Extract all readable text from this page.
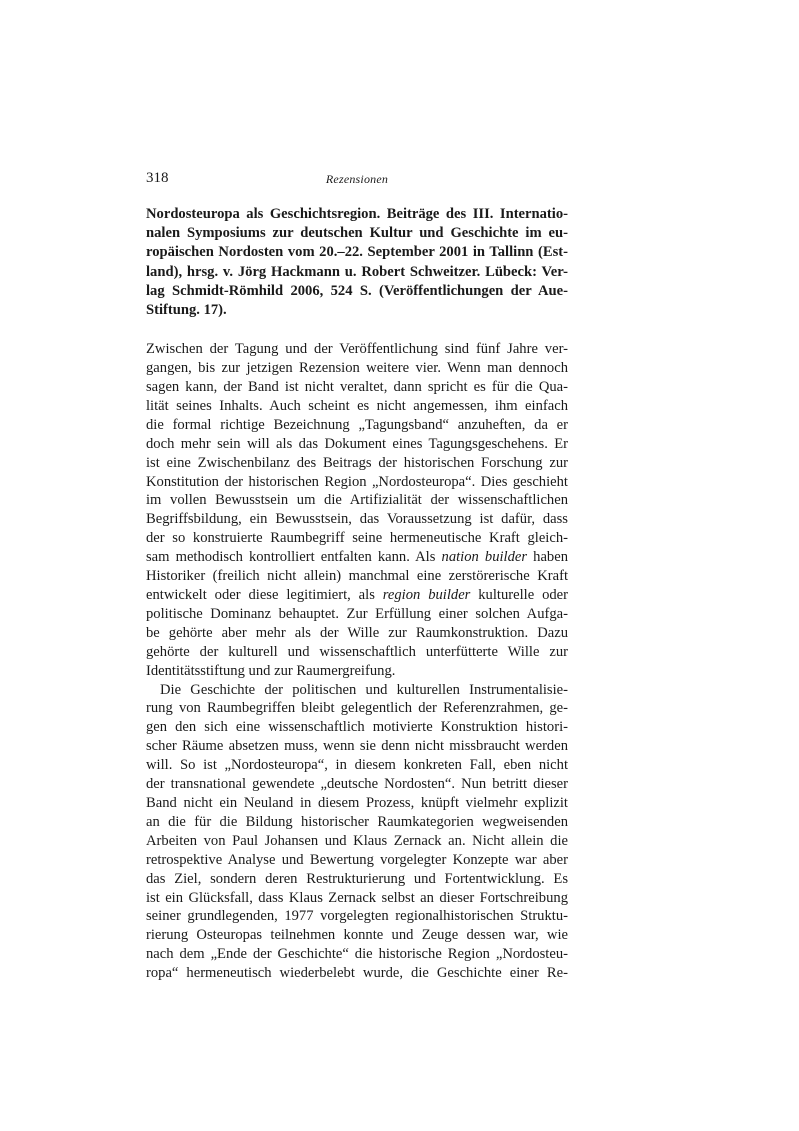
318	Rezensionen
Nordosteuropa als Geschichtsregion. Beiträge des III. Internatio-
nalen Symposiums zur deutschen Kultur und Geschichte im eu-
ropäischen Nordosten vom 20.–22. September 2001 in Tallinn (Est-
land), hrsg. v. Jörg Hackmann u. Robert Schweitzer. Lübeck: Ver-
lag Schmidt-Römhild 2006, 524 S. (Veröffentlichungen der Aue-
Stiftung. 17).
Zwischen der Tagung und der Veröffentlichung sind fünf Jahre ver-
gangen, bis zur jetzigen Rezension weitere vier. Wenn man dennoch
sagen kann, der Band ist nicht veraltet, dann spricht es für die Qua-
lität seines Inhalts. Auch scheint es nicht angemessen, ihm einfach
die formal richtige Bezeichnung „Tagungsband“ anzuheften, da er
doch mehr sein will als das Dokument eines Tagungsgeschehens. Er
ist eine Zwischenbilanz des Beitrags der historischen Forschung zur
Konstitution der historischen Region „Nordosteuropa“. Dies geschieht
im vollen Bewusstsein um die Artifizialität der wissenschaftlichen
Begriffsbildung, ein Bewusstsein, das Voraussetzung ist dafür, dass
der so konstruierte Raumbegriff seine hermeneutische Kraft gleich-
sam methodisch kontrolliert entfalten kann. Als nation builder haben
Historiker (freilich nicht allein) manchmal eine zerstörerische Kraft
entwickelt oder diese legitimiert, als region builder kulturelle oder
politische Dominanz behauptet. Zur Erfüllung einer solchen Aufga-
be gehörte aber mehr als der Wille zur Raumkonstruktion. Dazu
gehörte der kulturell und wissenschaftlich unterfütterte Wille zur
Identitätsstiftung und zur Raumergreifung.
Die Geschichte der politischen und kulturellen Instrumentalisie-
rung von Raumbegriffen bleibt gelegentlich der Referenzrahmen, ge-
gen den sich eine wissenschaftlich motivierte Konstruktion histori-
scher Räume absetzen muss, wenn sie denn nicht missbraucht werden
will. So ist „Nordosteuropa“, in diesem konkreten Fall, eben nicht
der transnational gewendete „deutsche Nordosten“. Nun betritt dieser
Band nicht ein Neuland in diesem Prozess, knüpft vielmehr explizit
an die für die Bildung historischer Raumkategorien wegweisenden
Arbeiten von Paul Johansen und Klaus Zernack an. Nicht allein die
retrospektive Analyse und Bewertung vorgelegter Konzepte war aber
das Ziel, sondern deren Restrukturierung und Fortentwicklung. Es
ist ein Glücksfall, dass Klaus Zernack selbst an dieser Fortschreibung
seiner grundlegenden, 1977 vorgelegten regionalhistorischen Struktu-
rierung Osteuropas teilnehmen konnte und Zeuge dessen war, wie
nach dem „Ende der Geschichte“ die historische Region „Nordosteu-
ropa“ hermeneutisch wiederbelebt wurde, die Geschichte einer Re-
